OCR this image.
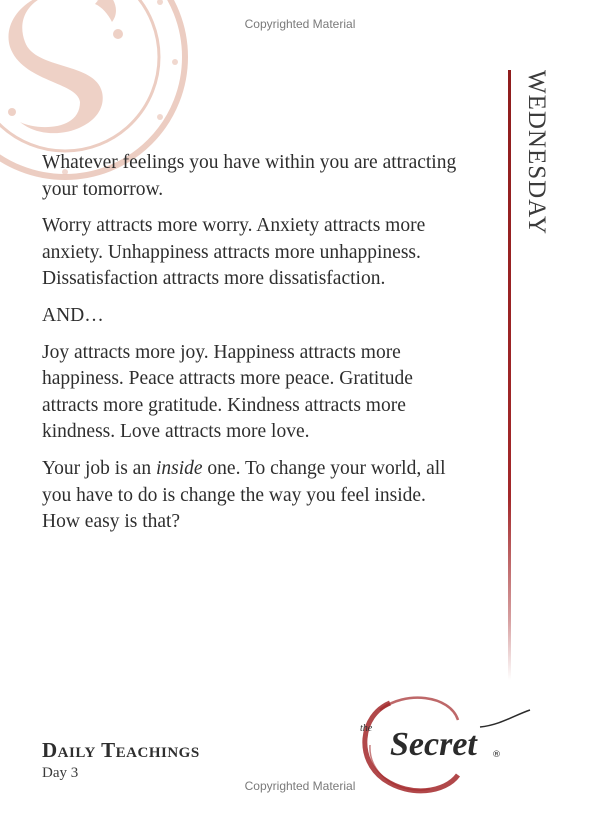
Copyrighted Material
WEDNESDAY

Whatever feelings you have within you are attracting your tomorrow.

Worry attracts more worry. Anxiety attracts more anxiety. Unhappiness attracts more unhappiness. Dissatisfaction attracts more dissatisfaction.

AND…

Joy attracts more joy. Happiness attracts more happiness. Peace attracts more peace. Gratitude attracts more gratitude. Kindness attracts more kindness. Love attracts more love.

Your job is an inside one. To change your world, all you have to do is change the way you feel inside. How easy is that?

Daily Teachings
Day 3
the Secret ®
Copyrighted Material
